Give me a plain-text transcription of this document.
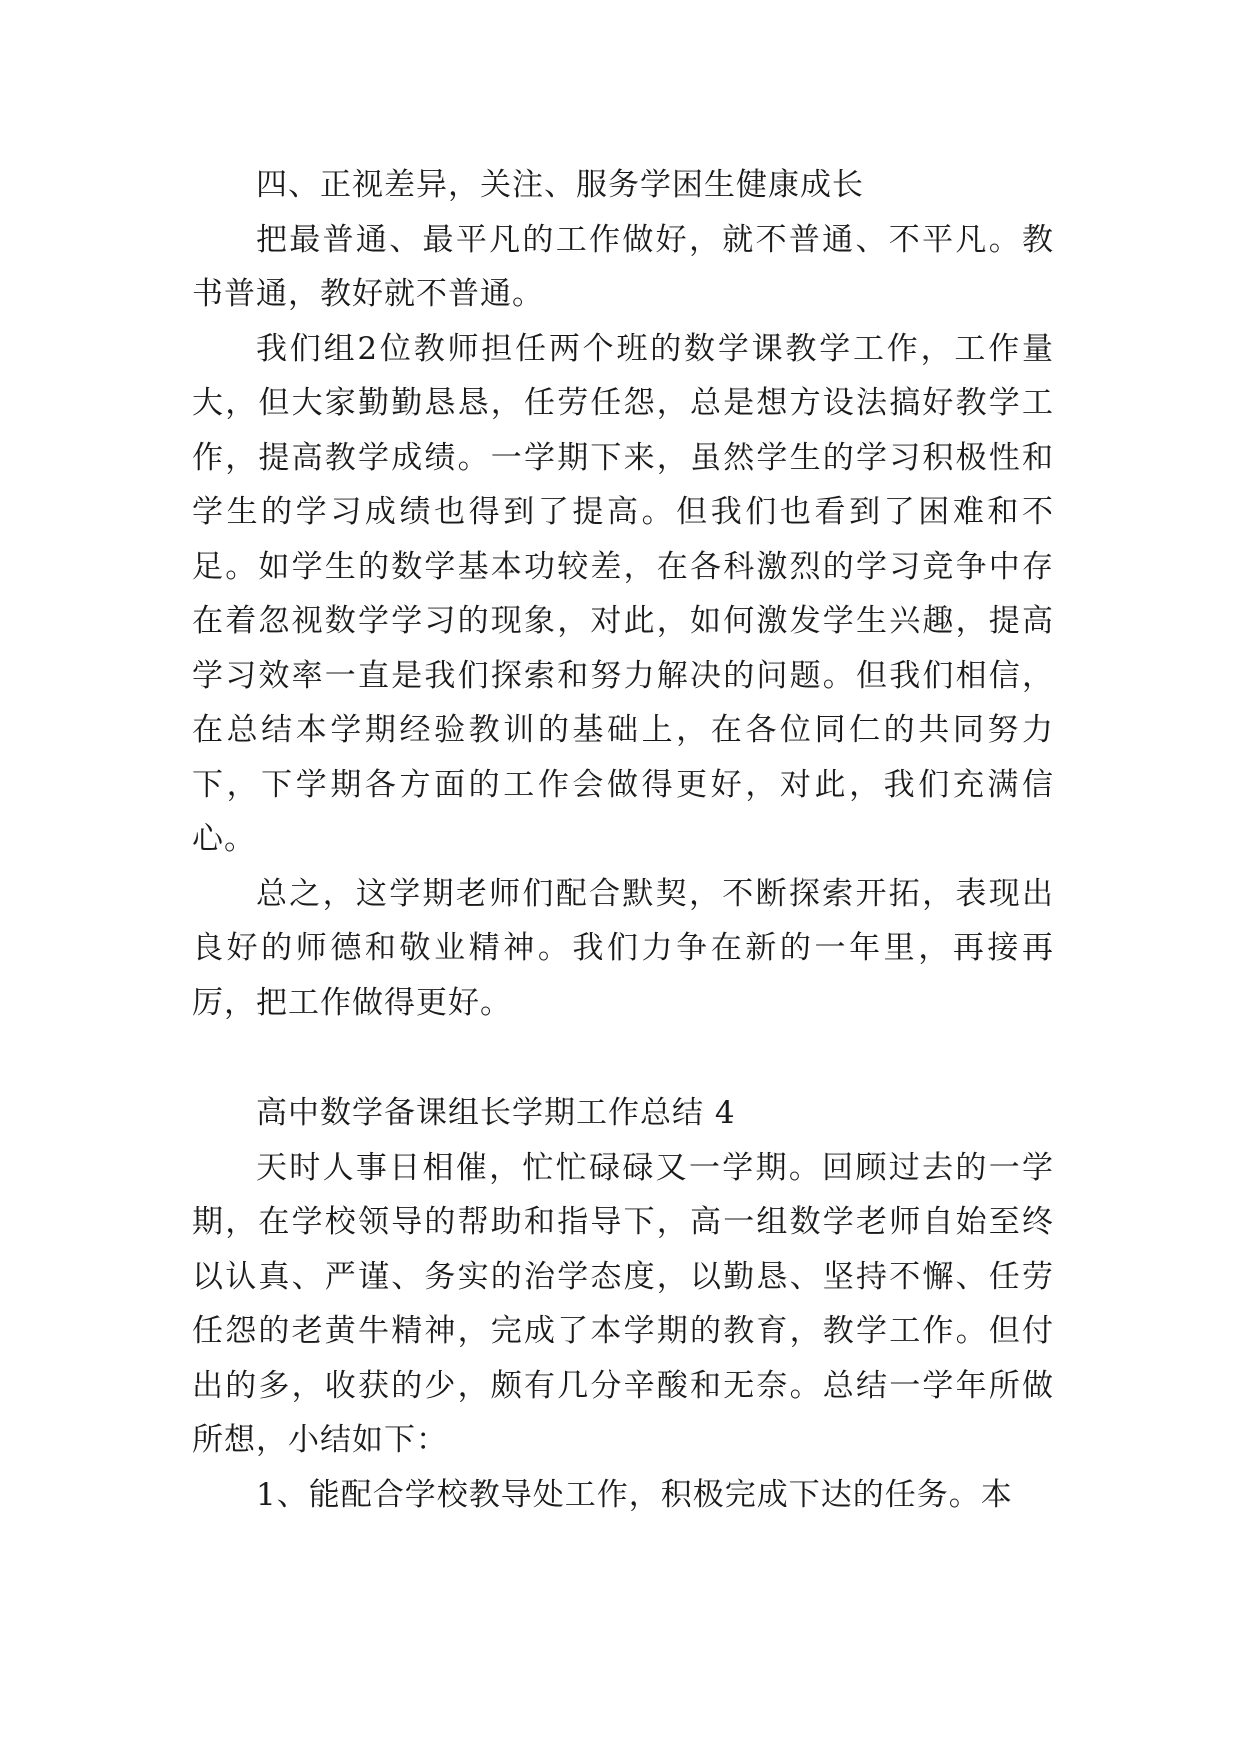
四、正视差异，关注、服务学困生健康成长

把最普通、最平凡的工作做好，就不普通、不平凡。教书普通，教好就不普通。

我们组2位教师担任两个班的数学课教学工作，工作量大，但大家勤勤恳恳，任劳任怨，总是想方设法搞好教学工作，提高教学成绩。一学期下来，虽然学生的学习积极性和学生的学习成绩也得到了提高。但我们也看到了困难和不足。如学生的数学基本功较差，在各科激烈的学习竞争中存在着忽视数学学习的现象，对此，如何激发学生兴趣，提高学习效率一直是我们探索和努力解决的问题。但我们相信，在总结本学期经验教训的基础上，在各位同仁的共同努力下，下学期各方面的工作会做得更好，对此，我们充满信心。

总之，这学期老师们配合默契，不断探索开拓，表现出良好的师德和敬业精神。我们力争在新的一年里，再接再厉，把工作做得更好。

高中数学备课组长学期工作总结 4

天时人事日相催，忙忙碌碌又一学期。回顾过去的一学期，在学校领导的帮助和指导下，高一组数学老师自始至终以认真、严谨、务实的治学态度，以勤恳、坚持不懈、任劳任怨的老黄牛精神，完成了本学期的教育，教学工作。但付出的多，收获的少，颇有几分辛酸和无奈。总结一学年所做所想，小结如下：

1、能配合学校教导处工作，积极完成下达的任务。本
